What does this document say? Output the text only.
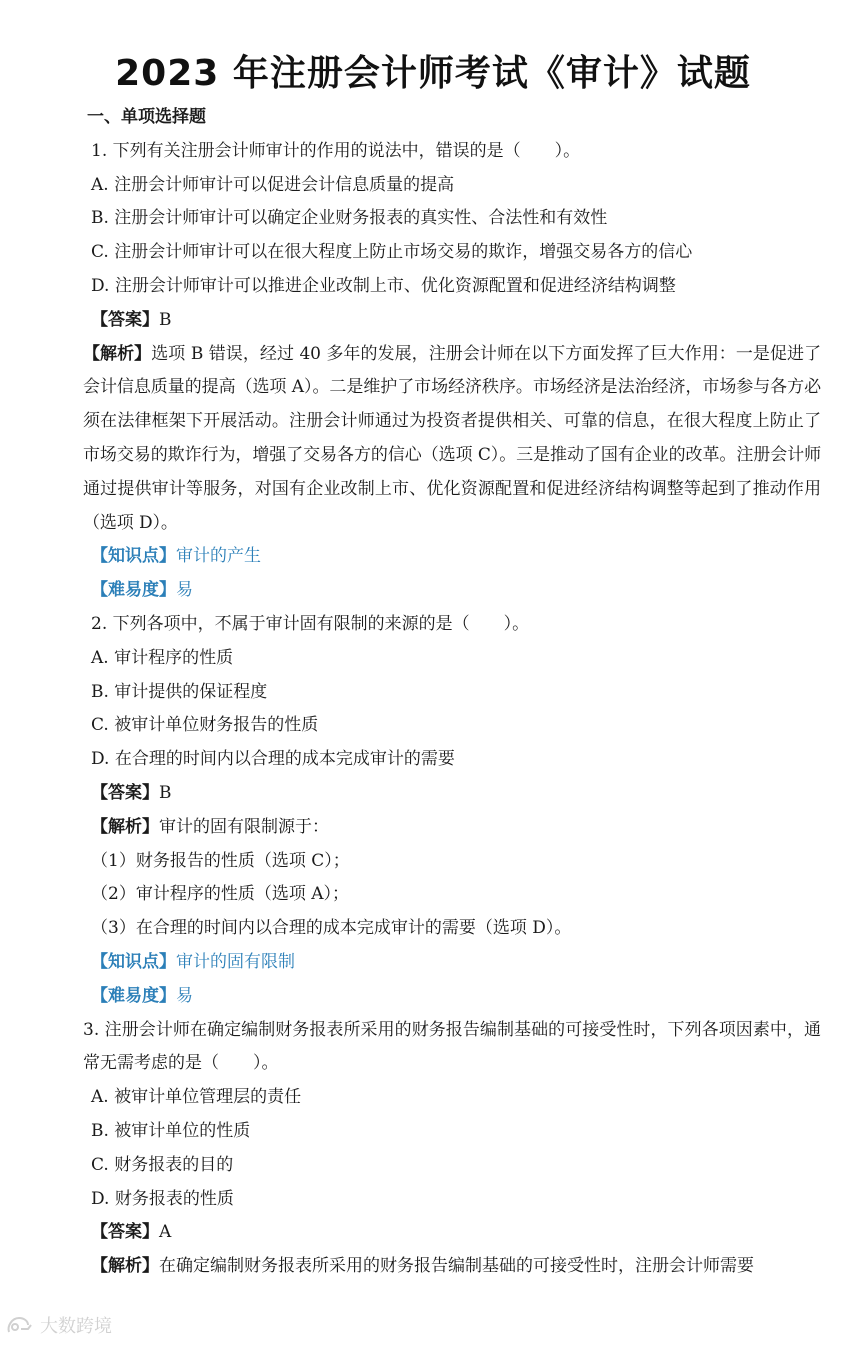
2023 年注册会计师考试《审计》试题
一、单项选择题
1. 下列有关注册会计师审计的作用的说法中，错误的是（　　）。
A. 注册会计师审计可以促进会计信息质量的提高
B. 注册会计师审计可以确定企业财务报表的真实性、合法性和有效性
C. 注册会计师审计可以在很大程度上防止市场交易的欺诈，增强交易各方的信心
D. 注册会计师审计可以推进企业改制上市、优化资源配置和促进经济结构调整
【答案】B
【解析】选项 B 错误，经过 40 多年的发展，注册会计师在以下方面发挥了巨大作用：一是促进了会计信息质量的提高（选项 A）。二是维护了市场经济秩序。市场经济是法治经济，市场参与各方必须在法律框架下开展活动。注册会计师通过为投资者提供相关、可靠的信息，在很大程度上防止了市场交易的欺诈行为，增强了交易各方的信心（选项 C）。三是推动了国有企业的改革。注册会计师通过提供审计等服务，对国有企业改制上市、优化资源配置和促进经济结构调整等起到了推动作用（选项 D）。
【知识点】审计的产生
【难易度】易
2. 下列各项中，不属于审计固有限制的来源的是（　　）。
A. 审计程序的性质
B. 审计提供的保证程度
C. 被审计单位财务报告的性质
D. 在合理的时间内以合理的成本完成审计的需要
【答案】B
【解析】审计的固有限制源于：
（1）财务报告的性质（选项 C）；
（2）审计程序的性质（选项 A）；
（3）在合理的时间内以合理的成本完成审计的需要（选项 D）。
【知识点】审计的固有限制
【难易度】易
3. 注册会计师在确定编制财务报表所采用的财务报告编制基础的可接受性时，下列各项因素中，通常无需考虑的是（　　）。
A. 被审计单位管理层的责任
B. 被审计单位的性质
C. 财务报表的目的
D. 财务报表的性质
【答案】A
【解析】在确定编制财务报表所采用的财务报告编制基础的可接受性时，注册会计师需要
大数跨境
